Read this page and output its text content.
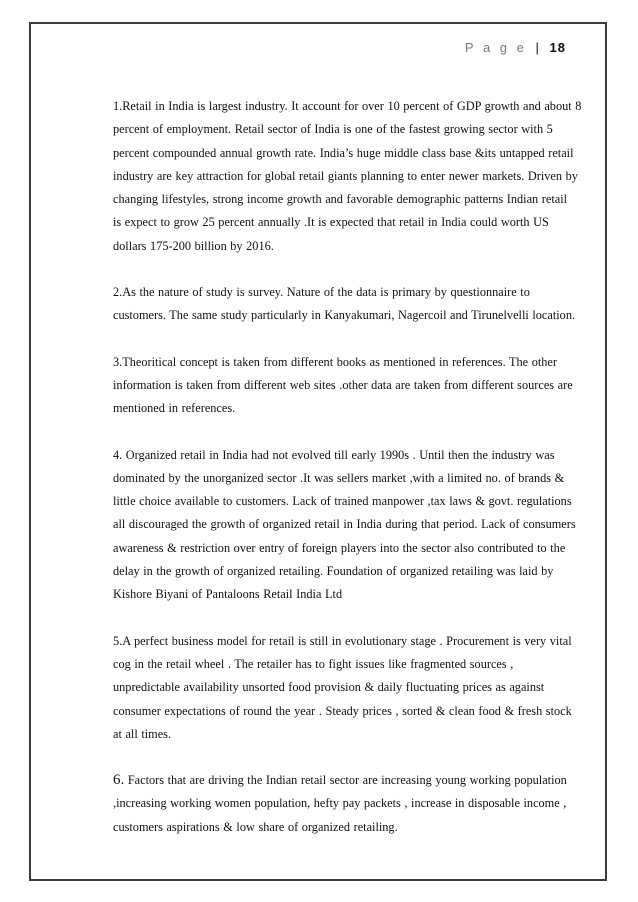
P a g e | 18
1.Retail in India is largest industry. It account for over 10 percent of GDP growth and about 8
percent of employment. Retail sector of India is one of the fastest growing sector with 5
percent compounded annual growth rate. India’s huge middle class base &its untapped retail
industry are key attraction for global retail giants planning to enter newer markets. Driven by
changing lifestyles, strong income growth and favorable demographic patterns Indian retail
is expect to grow 25 percent annually .It is expected that retail in India could worth US
dollars 175-200 billion by 2016.
2.As the nature of study is survey. Nature of the data is primary by questionnaire to
customers. The same study particularly in Kanyakumari, Nagercoil and Tirunelvelli location.
3.Theoritical concept is taken from different books as mentioned in references. The other
information is taken from different web sites .other data are taken from different sources are
mentioned in references.
4. Organized retail in India had not evolved till early 1990s . Until then the industry was
dominated by the unorganized sector .It was sellers market ,with a limited no. of brands &
little choice available to customers. Lack of trained manpower ,tax laws & govt. regulations
all discouraged the growth of organized retail in India during that period. Lack of consumers
awareness & restriction over entry of foreign players into the sector also contributed to the
delay in the growth of organized retailing. Foundation of organized retailing was laid by
Kishore Biyani of Pantaloons Retail India Ltd
5.A perfect business model for retail is still in evolutionary stage . Procurement is very vital
cog in the retail wheel . The retailer has to fight issues like fragmented sources ,
unpredictable availability unsorted food provision & daily fluctuating prices as against
consumer expectations of round the year . Steady prices , sorted & clean food & fresh stock
at all times.
6. Factors that are driving the Indian retail sector are increasing young working population
,increasing working women population, hefty pay packets , increase in disposable income ,
customers aspirations & low share of organized retailing.
